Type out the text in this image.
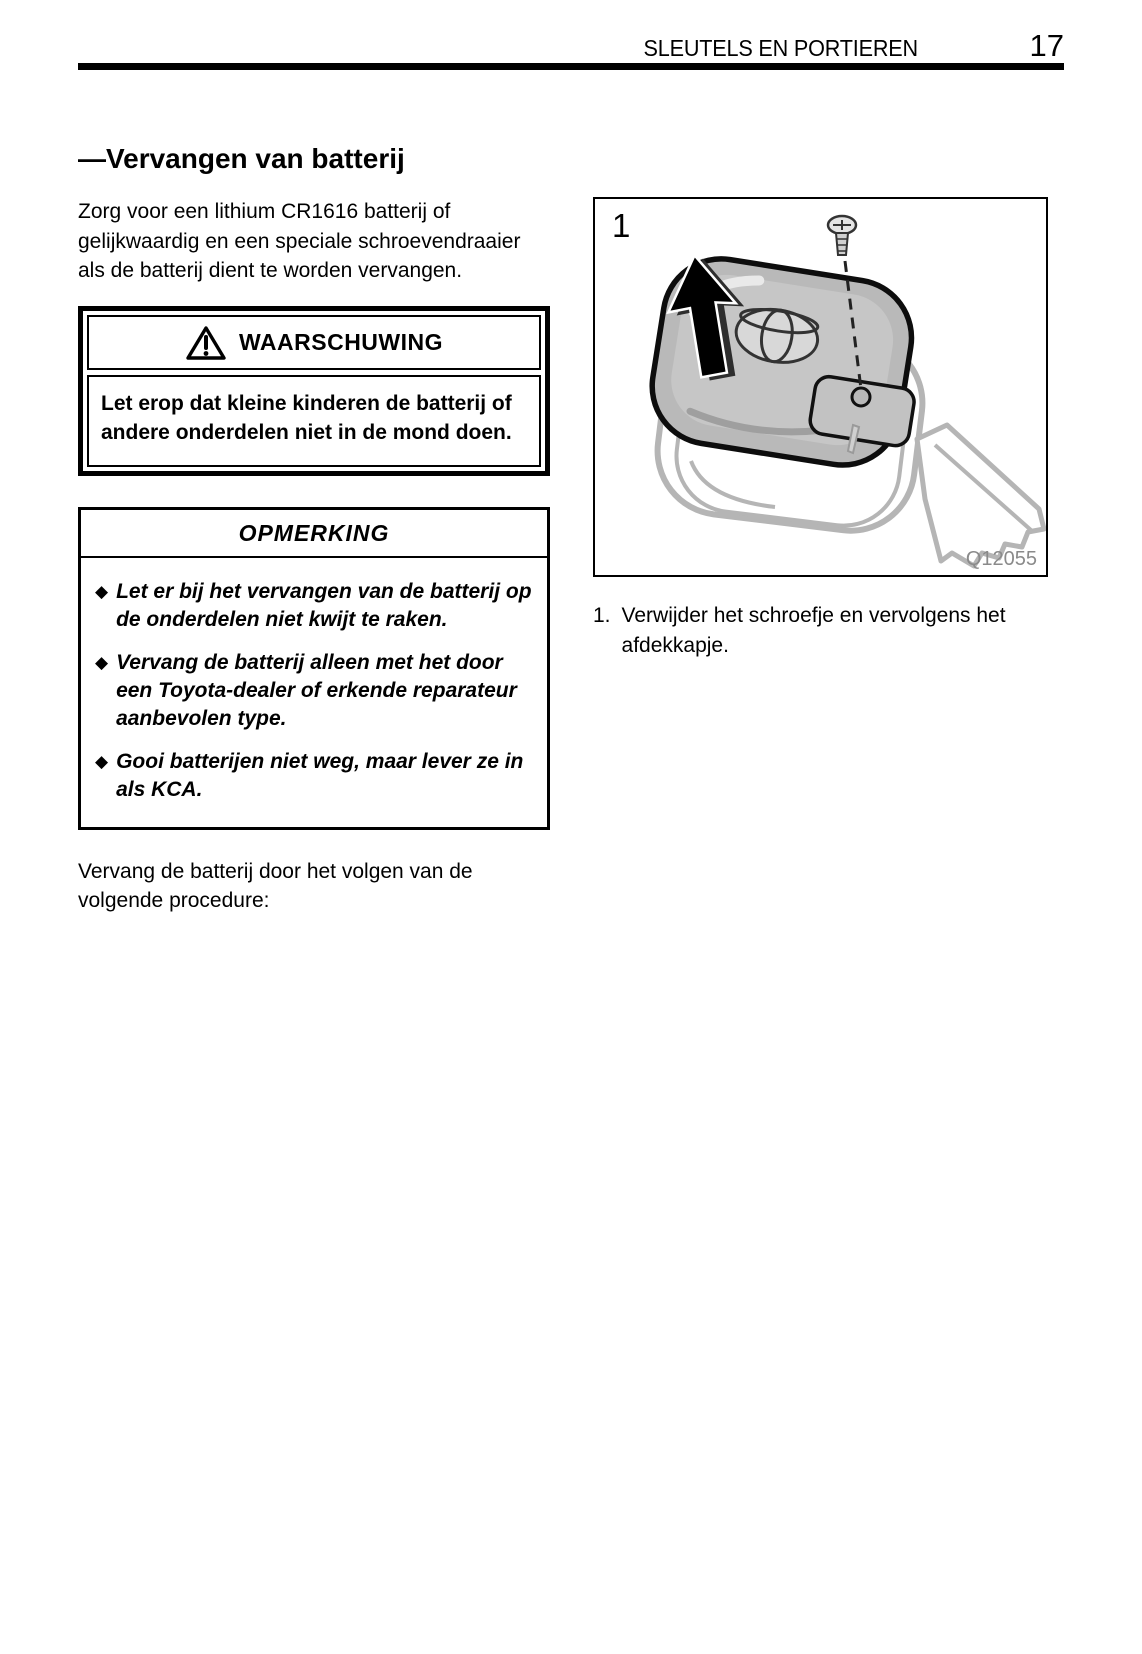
SLEUTELS EN PORTIEREN	17
—Vervangen van batterij

Zorg voor een lithium CR1616 batterij of gelijkwaardig en een speciale schroevendraaier als de batterij dient te worden vervangen.

WAARSCHUWING

Let erop dat kleine kinderen de batterij of andere onderdelen niet in de mond doen.

OPMERKING
◆ Let er bij het vervangen van de batterij op de onderdelen niet kwijt te raken.
◆ Vervang de batterij alleen met het door een Toyota-dealer of erkende reparateur aanbevolen type.
◆ Gooi batterijen niet weg, maar lever ze in als KCA.

Vervang de batterij door het volgen van de volgende procedure:

1
Q12055
1. Verwijder het schroefje en vervolgens het afdekkapje.
